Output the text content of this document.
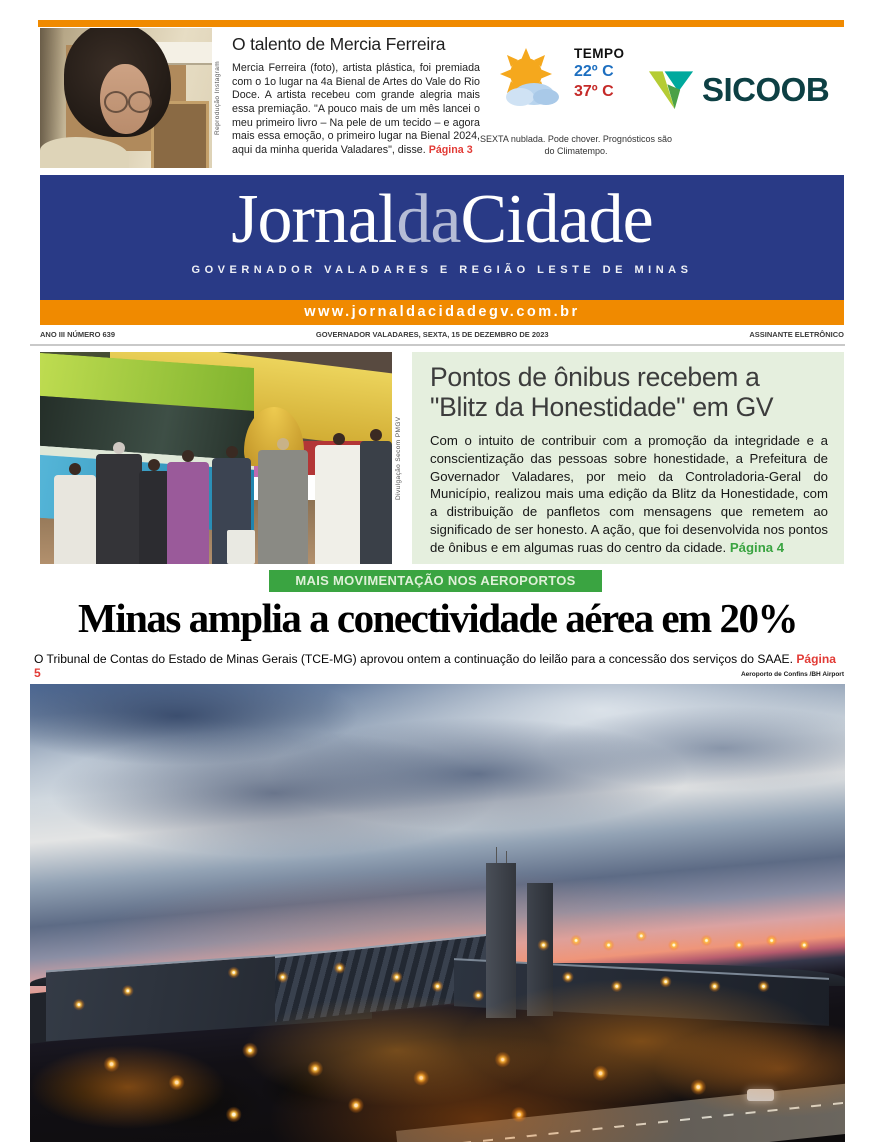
Reprodução Instagram
O talento de Mercia Ferreira

Mercia Ferreira (foto), artista plástica, foi premiada com o 1o lugar na 4a Bienal de Artes do Vale do Rio Doce. A artista recebeu com grande alegria mais essa premiação. "A pouco mais de um mês lancei o meu primeiro livro – Na pele de um tecido – e agora mais essa emoção, o primeiro lugar na Bienal 2024, aqui da minha querida Valadares", disse. Página 3

TEMPO
22º C
37º C
SEXTA nublada. Pode chover. Prognósticos são do Climatempo.
SICOOB
JornaldaCidade
GOVERNADOR VALADARES E REGIÃO LESTE DE MINAS
www.jornaldacidadegv.com.br
ANO III NÚMERO 639	GOVERNADOR VALADARES, SEXTA, 15 DE DEZEMBRO DE 2023	ASSINANTE ELETRÔNICO
Divulgação Secom PMGV
Pontos de ônibus recebem a
"Blitz da Honestidade" em GV

Com o intuito de contribuir com a promoção da integridade e a conscientização das pessoas sobre honestidade, a Prefeitura de Governador Valadares, por meio da Controladoria-Geral do Município, realizou mais uma edição da Blitz da Honestidade, com a distribuição de panfletos com mensagens que remetem ao significado de ser honesto. A ação, que foi desenvolvida nos pontos de ônibus e em algumas ruas do centro da cidade. Página 4

MAIS MOVIMENTAÇÃO NOS AEROPORTOS
Minas amplia a conectividade aérea em 20%
O Tribunal de Contas do Estado de Minas Gerais (TCE-MG) aprovou ontem a continuação do leilão para a concessão dos serviços do SAAE. Página 5	Aeroporto de Confins /BH Airport
